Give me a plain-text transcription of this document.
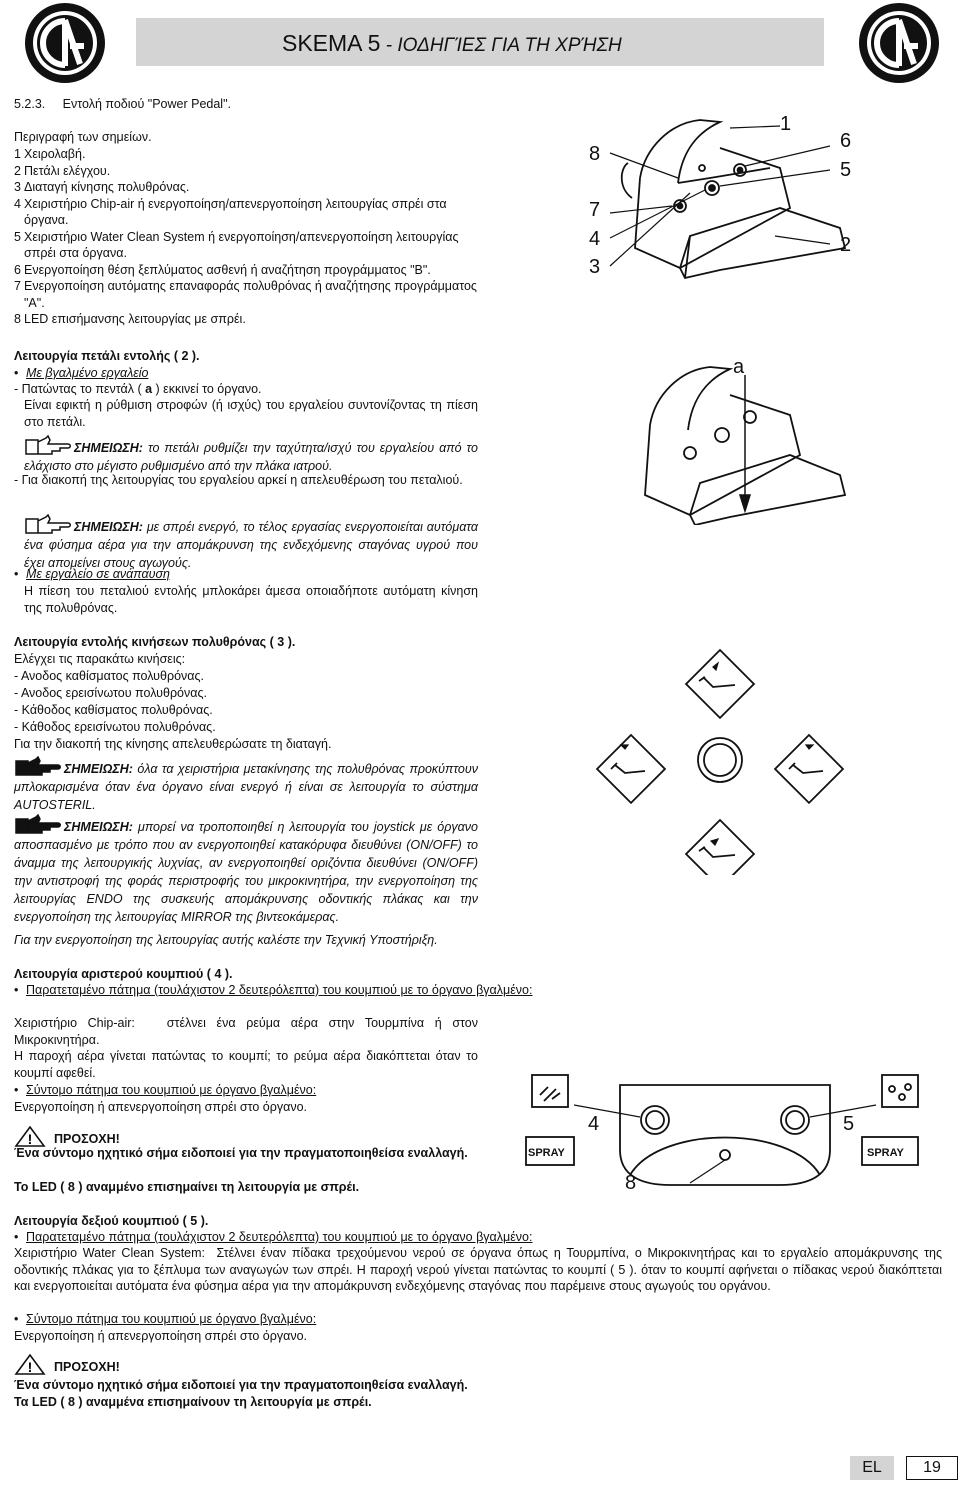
SKEMA 5 - ΙΟΔΗΓΊΕΣ ΓΙΑ ΤΗ ΧΡΉΣΗ
5.2.3.     Εντολή ποδιού "Power Pedal".
Περιγραφή των σημείων.
1 Χειρολαβή.
2 Πετάλι ελέγχου.
3 Διαταγή κίνησης πολυθρόνας.
4 Χειριστήριο Chip-air ή ενεργοποίηση/απενεργοποίηση λειτουργίας σπρέι στα όργανα.
5 Χειριστήριο Water Clean System ή ενεργοποίηση/απενεργοποίηση λειτουργίας σπρέι στα όργανα.
6 Ενεργοποίηση θέση ξεπλύματος ασθενή ή αναζήτηση προγράμματος "B".
7 Ενεργοποίηση αυτόματης επαναφοράς πολυθρόνας ή αναζήτησης προγράμματος "A".
8 LED επισήμανσης λειτουργίας με σπρέι.
1
6
5
2
8
7
4
3
Λειτουργία πετάλι εντολής ( 2 ).
• Με βγαλμένο εργαλείο
- Πατώντας το πεντάλ ( a ) εκκινεί το όργανο.
Είναι εφικτή η ρύθμιση στροφών (ή ισχύς) του εργαλείου συντονίζοντας τη πίεση στο πετάλι.
ΣΗΜΕΙΩΣΗ: το πετάλι ρυθμίζει την ταχύτητα/ισχύ του εργαλείου από το ελάχιστο στο μέγιστο ρυθμισμένο από την πλάκα ιατρού.
- Για διακοπή της λειτουργίας του εργαλείου αρκεί η απελευθέρωση του πεταλιού.
ΣΗΜΕΙΩΣΗ: με σπρέι ενεργό, το τέλος εργασίας ενεργοποιείται αυτόματα ένα φύσημα αέρα για την απομάκρυνση της ενδεχόμενης σταγόνας υγρού που έχει απομείνει στους αγωγούς.
• Με εργαλείο σε ανάπαυση
Η πίεση του πεταλιού εντολής μπλοκάρει άμεσα οποιαδήποτε αυτόματη κίνηση της πολυθρόνας.
a
Λειτουργία εντολής κινήσεων πολυθρόνας ( 3 ).
Ελέγχει τις παρακάτω κινήσεις:
- Ανοδος καθίσματος πολυθρόνας.
- Ανοδος ερεισίνωτου πολυθρόνας.
- Κάθοδος καθίσματος πολυθρόνας.
- Κάθοδος ερεισίνωτου πολυθρόνας.
Για την διακοπή της κίνησης απελευθερώσατε τη διαταγή.
ΣΗΜΕΙΩΣΗ: όλα τα χειριστήρια μετακίνησης της πολυθρόνας προκύπτουν μπλοκαρισμένα όταν ένα όργανο είναι ενεργό ή είναι σε λειτουργία το σύστημα AUTOSTERIL.
ΣΗΜΕΙΩΣΗ: μπορεί να τροποποιηθεί η λειτουργία του joystick με όργανο αποσπασμένο με τρόπο που αν ενεργοποιηθεί κατακόρυφα διευθύνει (ON/OFF) το άναμμα της λειτουργικής λυχνίας, αν ενεργοποιηθεί οριζόντια διευθύνει (ON/OFF) την αντιστροφή της φοράς περιστροφής του μικροκινητήρα, την ενεργοποίηση της λειτουργίας ENDO της συσκευής απομάκρυνσης οδοντικής πλάκας και την ενεργοποίηση της λειτουργίας MIRROR της βιντεοκάμερας.
Για την ενεργοποίηση της λειτουργίας αυτής καλέστε την Τεχνική Υποστήριξη.
Λειτουργία αριστερού κουμπιού ( 4 ).
• Παρατεταμένο πάτημα (τουλάχιστον 2 δευτερόλεπτα) του κουμπιού με το όργανο βγαλμένο:
Χειριστήριο Chip-air:   στέλνει ένα ρεύμα αέρα στην Τουρμπίνα ή στον Μικροκινητήρα.
Η παροχή αέρα γίνεται πατώντας το κουμπί; το ρεύμα αέρα διακόπτεται όταν το κουμπί αφεθεί.
• Σύντομο πάτημα του κουμπιού με όργανο βγαλμένο:
Ενεργοποίηση ή απενεργοποίηση σπρέι στο όργανο.
! ΠΡΟΣΟΧΗ!
Ένα σύντομο ηχητικό σήμα ειδοποιεί για την πραγματοποιηθείσα εναλλαγή.
Το LED ( 8 ) αναμμένο επισημαίνει τη λειτουργία με σπρέι.
SPRAY	SPRAY
4	5
8
Λειτουργία δεξιού κουμπιού ( 5 ).
• Παρατεταμένο πάτημα (τουλάχιστον 2 δευτερόλεπτα) του κουμπιού με το όργανο βγαλμένο:
Χειριστήριο Water Clean System:  Στέλνει έναν πίδακα τρεχούμενου νερού σε όργανα όπως η Τουρμπίνα, ο Μικροκινητήρας και το εργαλείο απομάκρυνσης της οδοντικής πλάκας για το ξέπλυμα των αναγωγών των σπρέι. Η παροχή νερού γίνεται πατώντας το κουμπί ( 5 ). όταν το κουμπί αφήνεται ο πίδακας νερού διακόπτεται και ενεργοποιείται αυτόματα ένα φύσημα αέρα για την απομάκρυνση ενδεχόμενης σταγόνας που παρέμεινε στους αγωγούς του οργάνου.
• Σύντομο πάτημα του κουμπιού με όργανο βγαλμένο:
Ενεργοποίηση ή απενεργοποίηση σπρέι στο όργανο.
! ΠΡΟΣΟΧΗ!
Ένα σύντομο ηχητικό σήμα ειδοποιεί για την πραγματοποιηθείσα εναλλαγή.
Τα LED ( 8 ) αναμμένα επισημαίνουν τη λειτουργία με σπρέι.
EL	19
